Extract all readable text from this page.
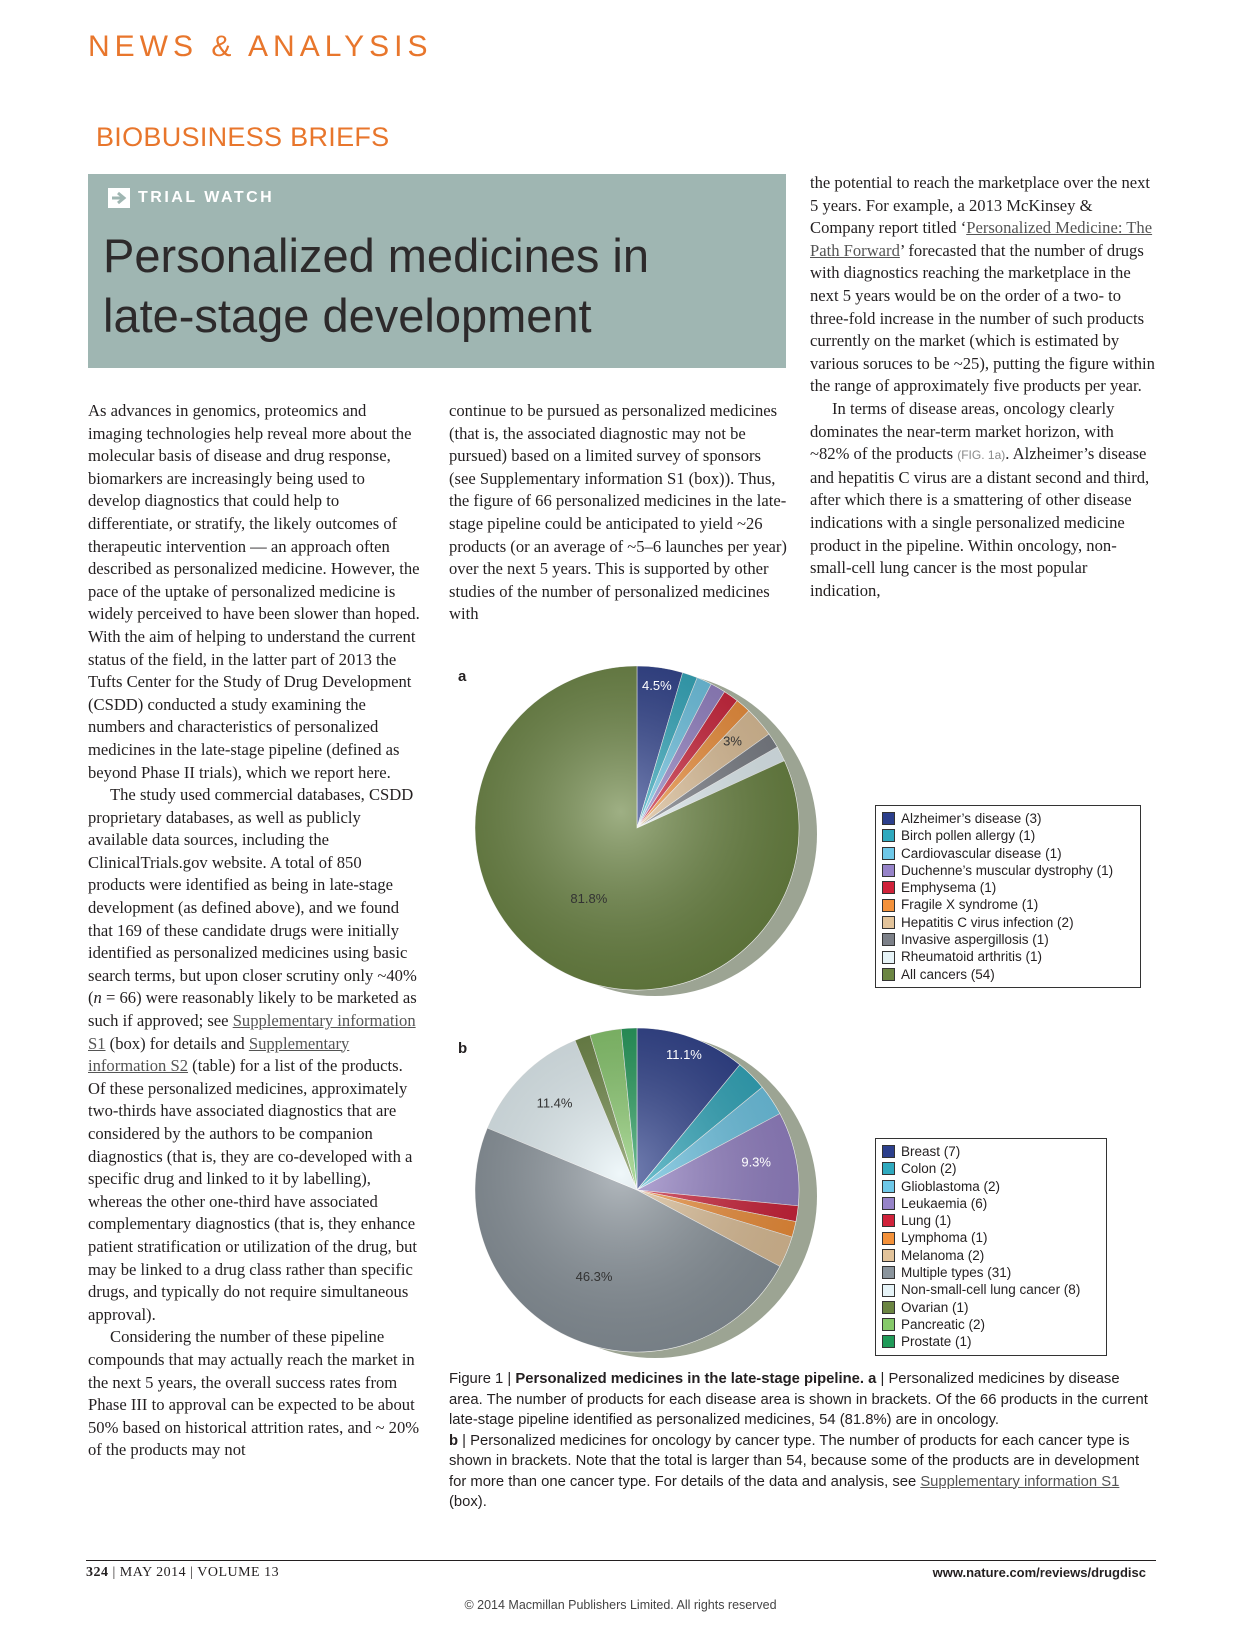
NEWS & ANALYSIS
BIOBUSINESS BRIEFS
TRIAL WATCH
Personalized medicines in
late-stage development

As advances in genomics, proteomics and imaging technologies help reveal more about the molecular basis of disease and drug response, biomarkers are increasingly being used to develop diagnostics that could help to differentiate, or stratify, the likely outcomes of therapeutic intervention — an approach often described as personalized medicine. However, the pace of the uptake of personalized medicine is widely perceived to have been slower than hoped. With the aim of helping to understand the current status of the field, in the latter part of 2013 the Tufts Center for the Study of Drug Development (CSDD) conducted a study examining the numbers and characteristics of personalized medicines in the late-stage pipeline (defined as beyond Phase II trials), which we report here.

The study used commercial databases, CSDD proprietary databases, as well as publicly available data sources, including the ClinicalTrials.gov website. A total of 850 products were identified as being in late-stage development (as defined above), and we found that 169 of these candidate drugs were initially identified as personalized medicines using basic search terms, but upon closer scrutiny only ~40% (n = 66) were reasonably likely to be marketed as such if approved; see Supplementary information S1 (box) for details and Supplementary information S2 (table) for a list of the products. Of these personalized medicines, approximately two-thirds have associated diagnostics that are considered by the authors to be companion diagnostics (that is, they are co-developed with a specific drug and linked to it by labelling), whereas the other one-third have associated complementary diagnostics (that is, they enhance patient stratification or utilization of the drug, but may be linked to a drug class rather than specific drugs, and typically do not require simultaneous approval).

Considering the number of these pipeline compounds that may actually reach the market in the next 5 years, the overall success rates from Phase III to approval can be expected to be about 50% based on historical attrition rates, and ~ 20% of the products may not

continue to be pursued as personalized medicines (that is, the associated diagnostic may not be pursued) based on a limited survey of sponsors (see Supplementary information S1 (box)). Thus, the figure of 66 personalized medicines in the late-stage pipeline could be anticipated to yield ~26 products (or an average of ~5–6 launches per year) over the next 5 years. This is supported by other studies of the number of personalized medicines with

the potential to reach the marketplace over the next 5 years. For example, a 2013 McKinsey & Company report titled ‘Personalized Medicine: The Path Forward’ forecasted that the number of drugs with diagnostics reaching the marketplace in the next 5 years would be on the order of a two- to three-fold increase in the number of such products currently on the market (which is estimated by various soruces to be ~25), putting the figure within the range of approximately five products per year.

In terms of disease areas, oncology clearly dominates the near-term market horizon, with ~82% of the products (FIG. 1a). Alzheimer’s disease and hepatitis C virus are a distant second and third, after which there is a smattering of other disease indications with a single personalized medicine product in the pipeline. Within oncology, non-small-cell lung cancer is the most popular indication,

a
b
4.5%
3%
81.8%
11.1%
9.3%
46.3%
11.4%
Alzheimer’s disease (3)
Birch pollen allergy (1)
Cardiovascular disease (1)
Duchenne’s muscular dystrophy (1)
Emphysema (1)
Fragile X syndrome (1)
Hepatitis C virus infection (2)
Invasive aspergillosis (1)
Rheumatoid arthritis (1)
All cancers (54)
Breast (7)
Colon (2)
Glioblastoma (2)
Leukaemia (6)
Lung (1)
Lymphoma (1)
Melanoma (2)
Multiple types (31)
Non-small-cell lung cancer (8)
Ovarian (1)
Pancreatic (2)
Prostate (1)
Figure 1 | Personalized medicines in the late-stage pipeline. a | Personalized medicines by disease area. The number of products for each disease area is shown in brackets. Of the 66 products in the current late-stage pipeline identified as personalized medicines, 54 (81.8%) are in oncology.
b | Personalized medicines for oncology by cancer type. The number of products for each cancer type is shown in brackets. Note that the total is larger than 54, because some of the products are in development for more than one cancer type. For details of the data and analysis, see Supplementary information S1 (box).
324 | MAY 2014 | VOLUME 13	www.nature.com/reviews/drugdisc
© 2014 Macmillan Publishers Limited. All rights reserved
